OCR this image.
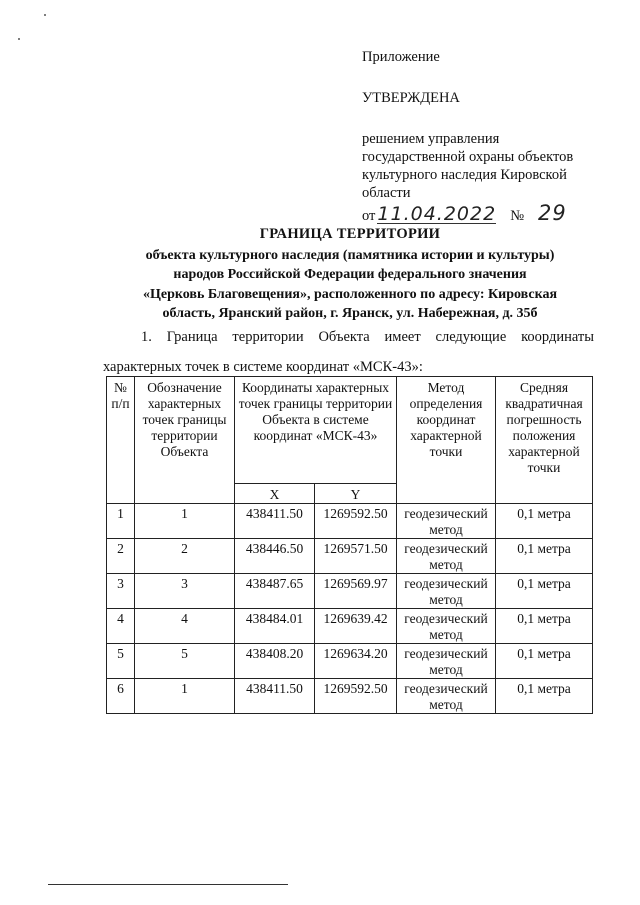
Приложение
УТВЕРЖДЕНА
решением управления
государственной охраны объектов
культурного наследия Кировской
области
от 11.04.2022 № 29
ГРАНИЦА ТЕРРИТОРИИ
объекта культурного наследия (памятника истории и культуры)
народов Российской Федерации федерального значения
«Церковь Благовещения», расположенного по адресу: Кировская
область, Яранский район, г. Яранск, ул. Набережная, д. 35б
1. Граница территории Объекта имеет следующие координаты
характерных точек в системе координат «МСК-43»:
№ п/п	Обозначение характерных точек границы территории Объекта	Координаты характерных точек границы территории Объекта в системе координат «МСК-43»		Метод определения координат характерной точки	Средняя квадратичная погрешность положения характерной точки
		X	Y		
1	1	438411.50	1269592.50	геодезический метод	0,1 метра
2	2	438446.50	1269571.50	геодезический метод	0,1 метра
3	3	438487.65	1269569.97	геодезический метод	0,1 метра
4	4	438484.01	1269639.42	геодезический метод	0,1 метра
5	5	438408.20	1269634.20	геодезический метод	0,1 метра
6	1	438411.50	1269592.50	геодезический метод	0,1 метра
